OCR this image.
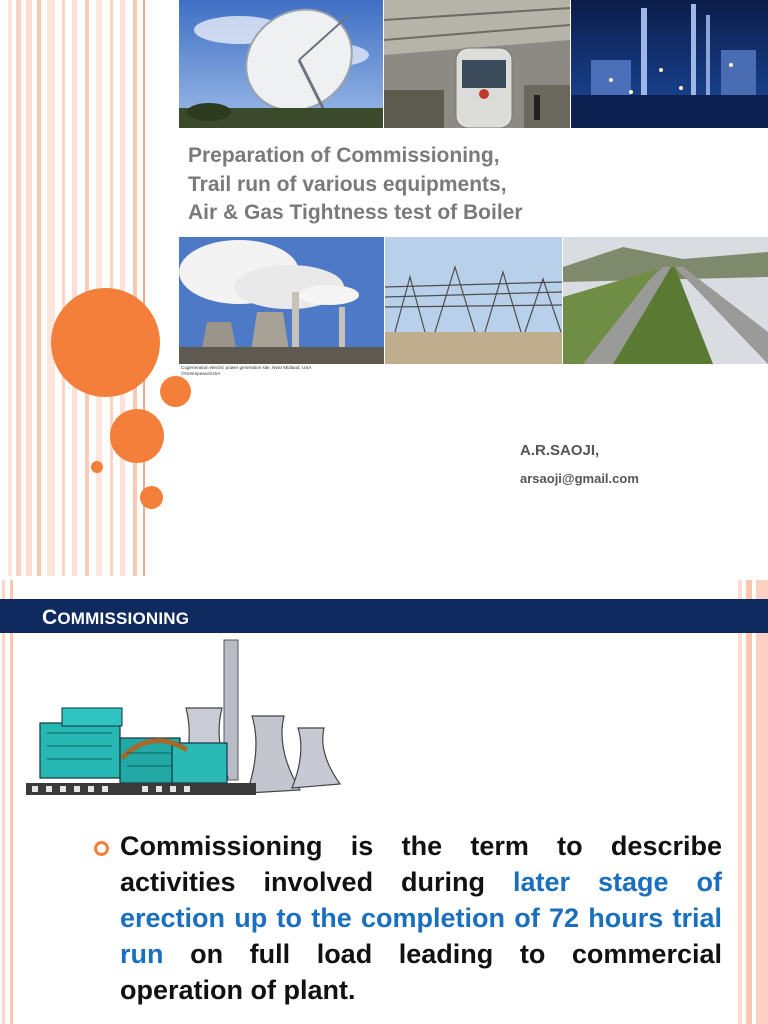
Preparation of Commissioning,
Trail run of various equipments,
Air & Gas Tightness test of Boiler
Cogeneration electric power generation site, Near Midland, USA ©Greenpeace/USA
A.R.SAOJI,
arsaoji@gmail.com
COMMISSIONING

Commissioning is the term to describe activities involved during later stage of erection up to the completion of 72 hours trial run on full load leading to commercial operation of plant.
